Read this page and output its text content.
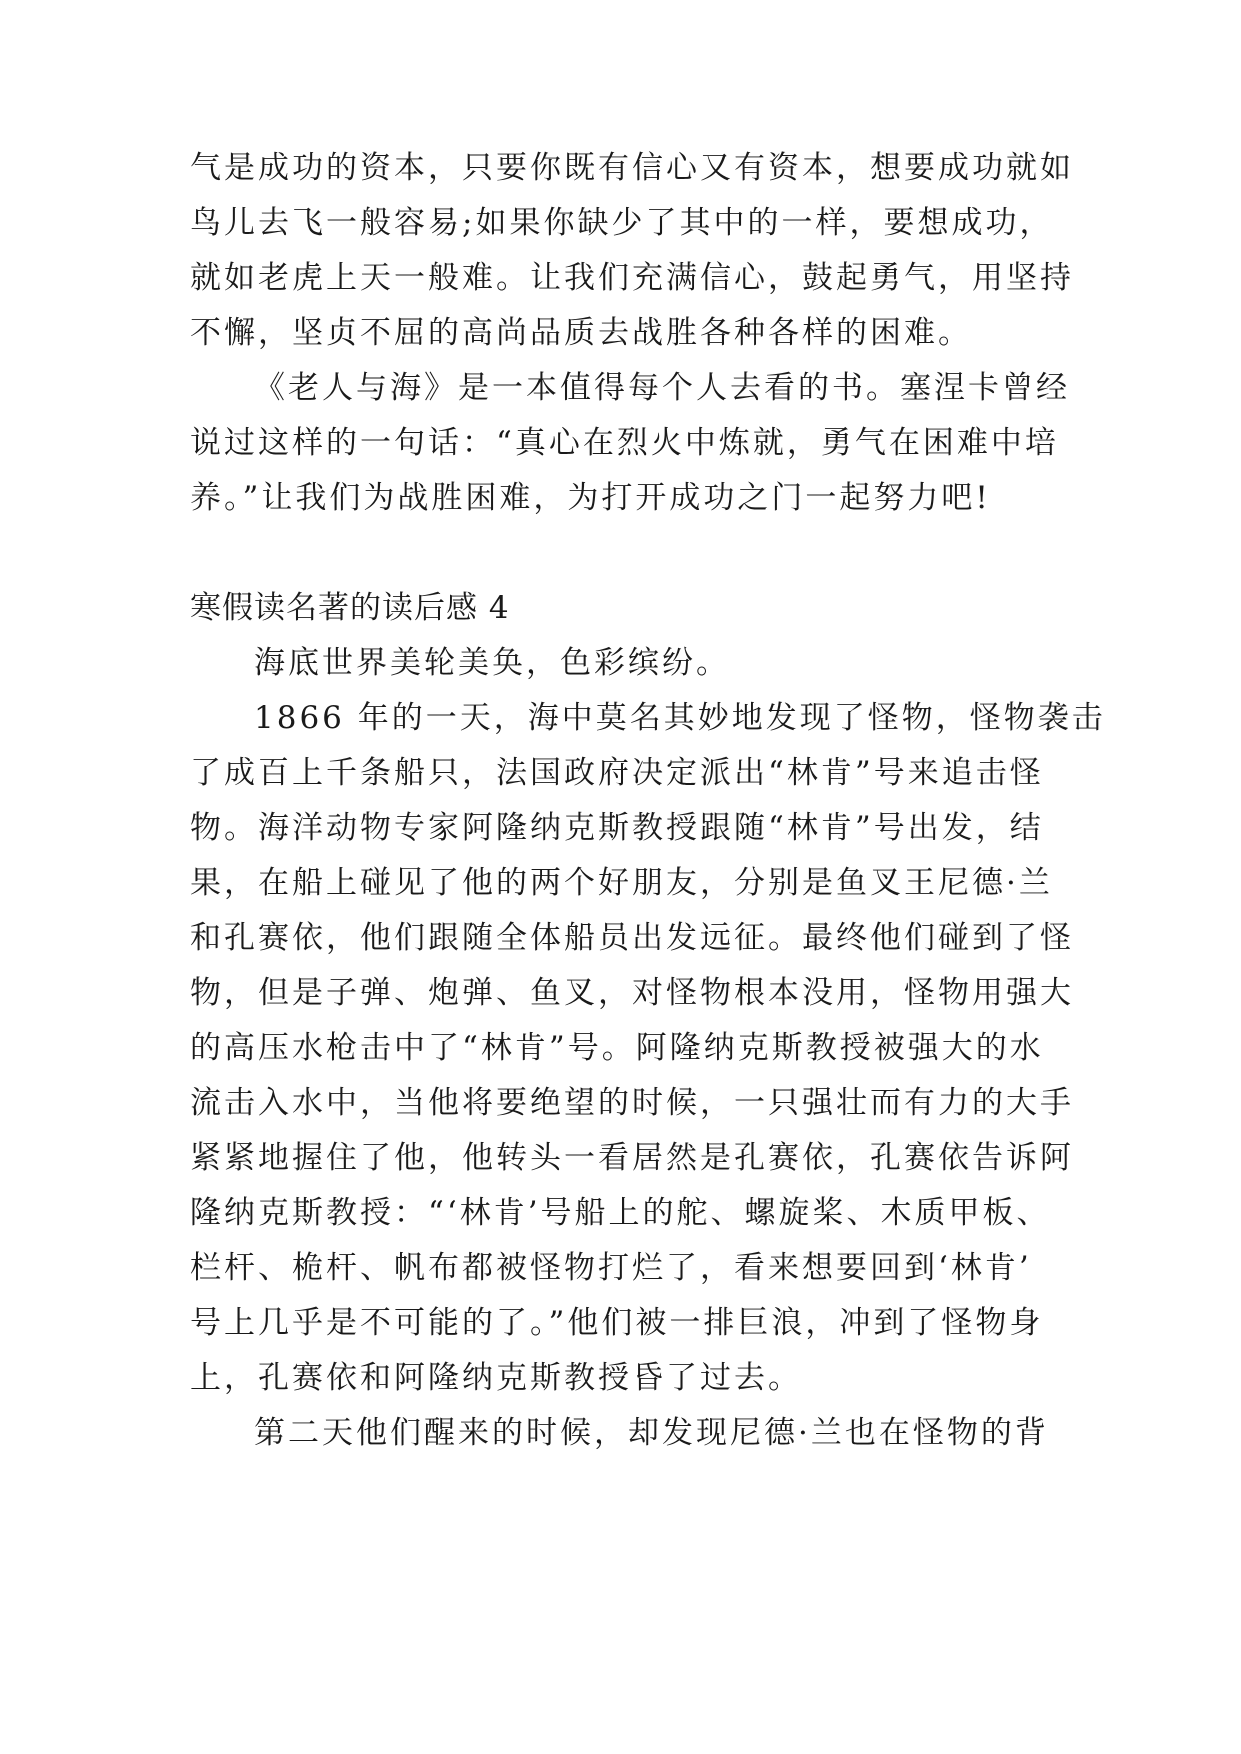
气是成功的资本，只要你既有信心又有资本，想要成功就如
鸟儿去飞一般容易;如果你缺少了其中的一样，要想成功，
就如老虎上天一般难。让我们充满信心，鼓起勇气，用坚持
不懈，坚贞不屈的高尚品质去战胜各种各样的困难。
《老人与海》是一本值得每个人去看的书。塞涅卡曾经
说过这样的一句话：“真心在烈火中炼就，勇气在困难中培
养。”让我们为战胜困难，为打开成功之门一起努力吧!
寒假读名著的读后感 4
海底世界美轮美奂，色彩缤纷。
1866 年的一天，海中莫名其妙地发现了怪物，怪物袭击
了成百上千条船只，法国政府决定派出“林肯”号来追击怪
物。海洋动物专家阿隆纳克斯教授跟随“林肯”号出发，结
果，在船上碰见了他的两个好朋友，分别是鱼叉王尼德·兰
和孔赛依，他们跟随全体船员出发远征。最终他们碰到了怪
物，但是子弹、炮弹、鱼叉，对怪物根本没用，怪物用强大
的高压水枪击中了“林肯”号。阿隆纳克斯教授被强大的水
流击入水中，当他将要绝望的时候，一只强壮而有力的大手
紧紧地握住了他，他转头一看居然是孔赛依，孔赛依告诉阿
隆纳克斯教授：“‘林肯’号船上的舵、螺旋桨、木质甲板、
栏杆、桅杆、帆布都被怪物打烂了，看来想要回到‘林肯’
号上几乎是不可能的了。”他们被一排巨浪，冲到了怪物身
上，孔赛依和阿隆纳克斯教授昏了过去。
第二天他们醒来的时候，却发现尼德·兰也在怪物的背
